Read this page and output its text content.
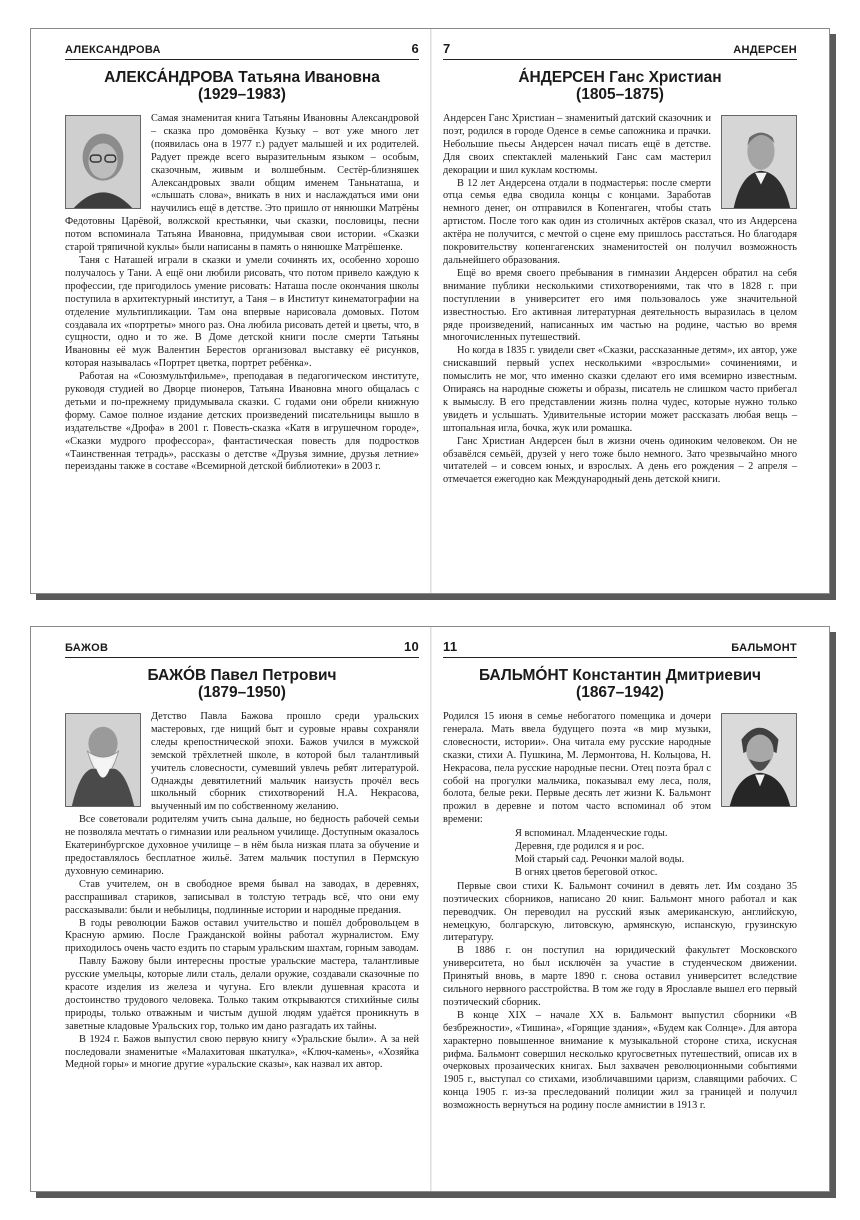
АЛЕКСАНДРОВА	6
АЛЕКСА́НДРОВА Татьяна Ивановна
(1929–1983)

Самая знаменитая книга Татьяны Ивановны Александровой – сказка про домовёнка Кузьку – вот уже много лет (появилась она в 1977 г.) радует малышей и их родителей. Радует прежде всего выразительным языком – особым, сказочным, живым и волшебным. Сестёр-близняшек Александровых звали общим именем Таньнаташа, и «слышать слова», вникать в них и наслаждаться ими они научились ещё в детстве. Это пришло от нянюшки Матрёны Федотовны Царёвой, волжской крестьянки, чьи сказки, пословицы, песни потом вспоминала Татьяна Ивановна, придумывая свои истории. «Сказки старой тряпичной куклы» были написаны в память о нянюшке Матрёшенке.

Таня с Наташей играли в сказки и умели сочинять их, особенно хорошо получалось у Тани. А ещё они любили рисовать, что потом привело каждую к профессии, где пригодилось умение рисовать: Наташа после окончания школы поступила в архитектурный институт, а Таня – в Институт кинематографии на отделение мультипликации. Там она впервые нарисовала домовых. Потом создавала их «портреты» много раз. Она любила рисовать детей и цветы, что, в сущности, одно и то же. В Доме детской книги после смерти Татьяны Ивановны её муж Валентин Берестов организовал выставку её рисунков, которая называлась «Портрет цветка, портрет ребёнка».

Работая на «Союзмультфильме», преподавая в педагогическом институте, руководя студией во Дворце пионеров, Татьяна Ивановна много общалась с детьми и по-прежнему придумывала сказки. С годами они обрели книжную форму. Самое полное издание детских произведений писательницы вышло в издательстве «Дрофа» в 2001 г. Повесть-сказка «Катя в игрушечном городе», «Сказки мудрого профессора», фантастическая повесть для подростков «Таинственная тетрадь», рассказы о детстве «Друзья зимние, друзья летние» переизданы также в составе «Всемирной детской библиотеки» в 2003 г.

7	АНДЕРСЕН
А́НДЕРСЕН Ганс Христиан
(1805–1875)

Андерсен Ганс Христиан – знаменитый датский сказочник и поэт, родился в городе Оденсе в семье сапожника и прачки. Небольшие пьесы Андерсен начал писать ещё в детстве. Для своих спектаклей маленький Ганс сам мастерил декорации и шил куклам костюмы.

В 12 лет Андерсена отдали в подмастерья: после смерти отца семья едва сводила концы с концами. Заработав немного денег, он отправился в Копенгаген, чтобы стать артистом. После того как один из столичных актёров сказал, что из Андерсена актёра не получится, с мечтой о сцене ему пришлось расстаться. Но благодаря покровительству копенгагенских знаменитостей он получил возможность дальнейшего образования.

Ещё во время своего пребывания в гимназии Андерсен обратил на себя внимание публики несколькими стихотворениями, так что в 1828 г. при поступлении в университет его имя пользовалось уже значительной известностью. Его активная литературная деятельность выразилась в целом ряде произведений, написанных им частью на родине, частью во время многочисленных путешествий.

Но когда в 1835 г. увидели свет «Сказки, рассказанные детям», их автор, уже снискавший первый успех несколькими «взрослыми» сочинениями, и помыслить не мог, что именно сказки сделают его имя всемирно известным. Опираясь на народные сюжеты и образы, писатель не слишком часто прибегал к вымыслу. В его представлении жизнь полна чудес, которые нужно только увидеть и услышать. Удивительные истории может рассказать любая вещь – штопальная игла, бочка, жук или ромашка.

Ганс Христиан Андерсен был в жизни очень одиноким человеком. Он не обзавёлся семьёй, друзей у него тоже было немного. Зато чрезвычайно много читателей – и совсем юных, и взрослых. А день его рождения – 2 апреля – отмечается ежегодно как Международный день детской книги.

БАЖОВ	10
БАЖО́В Павел Петрович
(1879–1950)

Детство Павла Бажова прошло среди уральских мастеровых, где нищий быт и суровые нравы сохраняли следы крепостнической эпохи. Бажов учился в мужской земской трёхлетней школе, в которой был талантливый учитель словесности, сумевший увлечь ребят литературой. Однажды девятилетний мальчик наизусть прочёл весь школьный сборник стихотворений Н.А. Некрасова, выученный им по собственному желанию.

Все советовали родителям учить сына дальше, но бедность рабочей семьи не позволяла мечтать о гимназии или реальном училище. Доступным оказалось Екатеринбургское духовное училище – в нём была низкая плата за обучение и предоставлялось бесплатное жильё. Затем мальчик поступил в Пермскую духовную семинарию.

Став учителем, он в свободное время бывал на заводах, в деревнях, расспрашивал стариков, записывал в толстую тетрадь всё, что они ему рассказывали: были и небылицы, подлинные истории и народные предания.

В годы революции Бажов оставил учительство и пошёл добровольцем в Красную армию. После Гражданской войны работал журналистом. Ему приходилось очень часто ездить по старым уральским шахтам, горным заводам.

Павлу Бажову были интересны простые уральские мастера, талантливые русские умельцы, которые лили сталь, делали оружие, создавали сказочные по красоте изделия из железа и чугуна. Его влекли душевная красота и достоинство трудового человека. Только таким открываются стихийные силы природы, только отважным и чистым душой людям удаётся проникнуть в заветные кладовые Уральских гор, только им дано разгадать их тайны.

В 1924 г. Бажов выпустил свою первую книгу «Уральские были». А за ней последовали знаменитые «Малахитовая шкатулка», «Ключ-камень», «Хозяйка Медной горы» и многие другие «уральские сказы», как назвал их автор.

11	БАЛЬМОНТ
БАЛЬМО́НТ Константин Дмитриевич
(1867–1942)

Родился 15 июня в семье небогатого помещика и дочери генерала. Мать ввела будущего поэта «в мир музыки, словесности, истории». Она читала ему русские народные сказки, стихи А. Пушкина, М. Лермонтова, Н. Кольцова, Н. Некрасова, пела русские народные песни. Отец поэта брал с собой на прогулки мальчика, показывал ему леса, поля, болота, белые реки. Первые десять лет жизни К. Бальмонт прожил в деревне и потом часто вспоминал об этом времени:

Я вспоминал. Младенческие годы.
Деревня, где родился я и рос.
Мой старый сад. Речонки малой воды.
В огнях цветов береговой откос.

Первые свои стихи К. Бальмонт сочинил в девять лет. Им создано 35 поэтических сборников, написано 20 книг. Бальмонт много работал и как переводчик. Он переводил на русский язык американскую, английскую, немецкую, болгарскую, литовскую, армянскую, испанскую, грузинскую литературу.

В 1886 г. он поступил на юридический факультет Московского университета, но был исключён за участие в студенческом движении. Принятый вновь, в марте 1890 г. снова оставил университет вследствие сильного нервного расстройства. В том же году в Ярославле вышел его первый поэтический сборник.

В конце XIX – начале XX в. Бальмонт выпустил сборники «В безбрежности», «Тишина», «Горящие здания», «Будем как Солнце». Для автора характерно повышенное внимание к музыкальной стороне стиха, искусная рифма. Бальмонт совершил несколько кругосветных путешествий, описав их в очерковых прозаических книгах. Был захвачен революционными событиями 1905 г., выступал со стихами, изобличавшими царизм, славящими рабочих. С конца 1905 г. из-за преследований полиции жил за границей и получил возможность вернуться на родину после амнистии в 1913 г.
